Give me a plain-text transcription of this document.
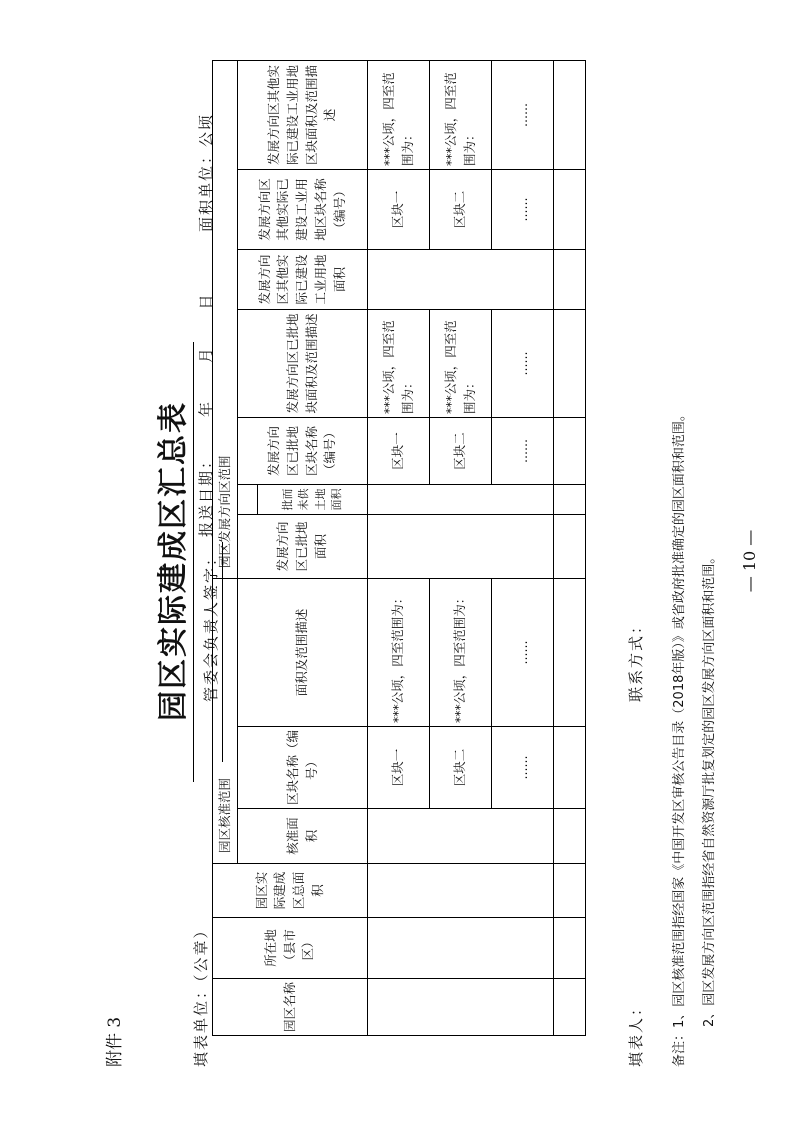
附件 3
园区实际建成区汇总表
填表单位：（公章）
管委会负责人签字：
报送日期：
年 月 日
面积单位：公顷
园区名称	所在地（县市区）	园区实际建成区总面积	园区核准范围			园区发展方向区范围						
			核准面积	区块名称（编号）	面积及范围描述	发展方向区已批地面积		发展方向区已批地区块名称（编号）	发展方向区已批地块面积及范围描述	发展方向区其他实际已建设工业用地面积	发展方向区其他实际已建设工业用地区块名称（编号）	发展方向区其他实际已建设工业用地区块面积及范围描述
							批而未供土地面积					
				区块一	***公顷，四至范围为：			区块一	***公顷，四至范围为：		区块一	***公顷，四至范围为：
				区块二	***公顷，四至范围为：			区块二	***公顷，四至范围为：		区块二	***公顷，四至范围为：
				……	……			……	……		……	……

填表人：
联系方式：	备注：1、园区核准范围指经国家《中国开发区审核公告目录（2018年版）》或省政府批准确定的园区面积和范围。	2、园区发展方向区范围指经省自然资源厅批复划定的园区发展方向区面积和范围。 — 10 —
